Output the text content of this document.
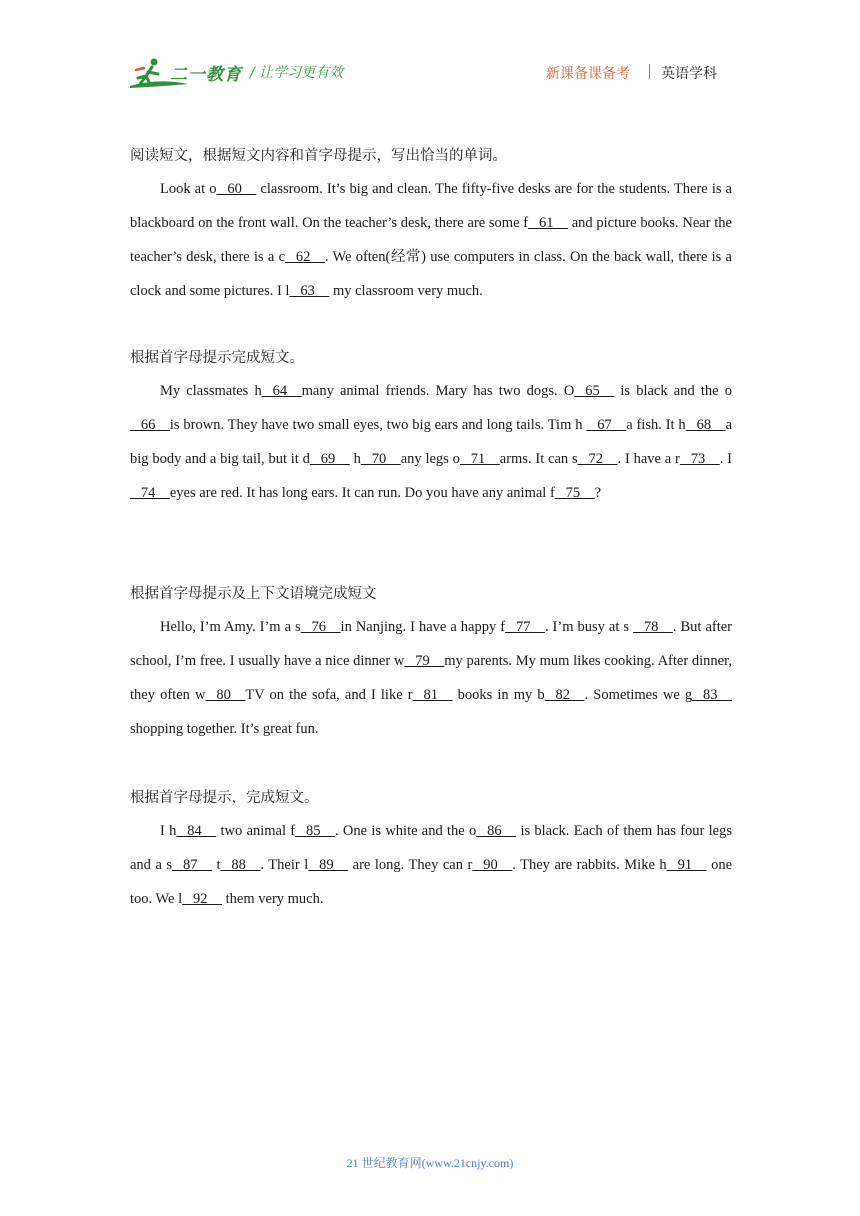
二一教育 / 让学习更有效	新课备课备考 英语学科
阅读短文，根据短文内容和首字母提示，写出恰当的单词。
Look at o   60     classroom. It’s big and clean. The fifty-five desks are for the students. There is a blackboard on the front wall. On the teacher’s desk, there are some f   61     and picture books. Near the teacher’s desk, there is a c   62    . We often(经常) use computers in class. On the back wall, there is a clock and some pictures. I l   63     my classroom very much.
根据首字母提示完成短文。
My classmates h   64    many animal friends. Mary has two dogs. O   65     is black and the o   66    is brown. They have two small eyes, two big ears and long tails. Tim h    67    a fish. It h   68    a big body and a big tail, but it d   69     h   70    any legs o   71    arms. It can s   72    . I have a r   73    . I   74    eyes are red. It has long ears. It can run. Do you have any animal f   75    ?
根据首字母提示及上下文语境完成短文
Hello, I’m Amy. I’m a s   76    in Nanjing. I have a happy f   77    . I’m busy at s    78    . But after school, I’m free. I usually have a nice dinner w   79    my parents. My mum likes cooking. After dinner, they often w   80    TV on the sofa, and I like r   81     books in my b   82    . Sometimes we g   83    shopping together. It’s great fun.
根据首字母提示，完成短文。
I h   84     two animal f   85    . One is white and the o   86     is black. Each of them has four legs and a s   87     t   88    . Their l   89     are long. They can r   90    . They are rabbits. Mike h   91     one too. We l   92     them very much.
21 世纪教育网(www.21cnjy.com)
